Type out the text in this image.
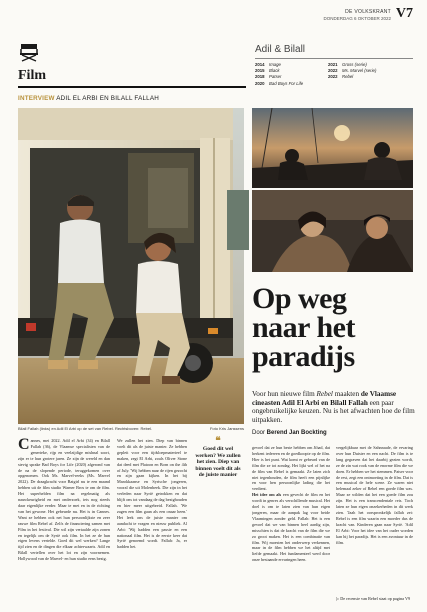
DE VOLKSKRANT
DONDERDAG 6 OKTOBER 2022 V7
Film
Adil & Bilall
2014 Image
2015 Black
2018 Patser
2020 Bad Boys For Life
2021 Gross (serie)
2022 Ms. Marvel (serie)
2022 Rebel
INTERVIEW ADIL EL ARBI EN BILALL FALLAH
Bilall Fallah (links) en Adil El Arbi op de set van Rebel. Rechtsboven: Rebel.	Foto Kris Janssens
Op weg
naar het
paradijs
Voor hun nieuwe film Rebel maakten de Vlaamse cineasten Adil El Arbi en Bilall Fallah een paar ongebruikelijke keuzen. Nu is het afwachten hoe de film uitpakken.
Door Berend Jan Bockting
Cannes, mei 2022. Adil el Arbi (34) en Bilall Fallah (36), de Vlaamse specialisten van de generieke, rijp en veelzijdige mishnal soort, zijn er te hun grotere jaren. Ze zijn de wereld en dan stevig sprake Bad Boys for Life (2020) afgerond van de na de slopende periode, teruggekomen over opgenomen. Ook Ms. Marvel-reeks (Ms. Marvel 2022). De draagkracht voor Batgirl nu te een maand hebben uit de film studio Warner Bros te om de film. Het superhelden film na regelmatig als nauwkeurigheid en met onderzoek, iets nog steeds daar eigenlijke eerder. Maar te met en in de richting van het gewone. Het gebeurde nu. Het is in Cannes. Want ze hebben ook net hun persoonlijkste en zeer rauwe film Rebel af. Zelfs de financiering samen met Film in het festival. Die wil zijn vertaalde zijn zonen en tegelijk om de Syrië ook film. In het ze de hun eigen levens vertelde. Goed dit wel werken? Lange tijd zien en de dingen die elkaar achterwaarts. Adil en Bilall vertellen over het lot en zijn voornemen. Hollywood van de Marvel- en hun studio eens bezig.
We zullen het zien. Diep van binnen voelt dit als de juiste manier. Ze hebben gepleit voor een tijdsloepmaterieel te maken, zegt El Arbi, zoals Oliver Stone dat deed met Platoon en Born on the 4th of July. 'Wij hebben naar de rijen gezocht en zijn gaan kijken. In het bij Marokkaanse en Syrische jongeren, vooral die uit Molenbeek. Die zijn in het verleden naar Syrië getrokken en dat blijft ons tot vandaag de dag bezighouden en hier meer uitgebreid. Fallah. 'We zagen een film gaan als een onaar heen.' Het leek ons de juiste manier om aandacht te vragen en nieuw publiek. Al Arbi: 'Wij hadden een passie en een nationaal film. Het is de eerste keer dat Syrië genoemd wordt. Fallah: Ja, er hadden het.
❝
Goed dit wel werken? We zullen het zien. Diep van binnen voelt dit als de juiste manier
gevoel dat ze hun beste hebben om Jihad, dat herkent iedereen en de goedkoopte op de film. Hier is het punt. Wat komt er gebeurd van de film die ze tot zondag. Het lijkt wel of het na de film van Rebel is gemaakt. Ze laten zich niet tegenhouden, de film heeft een pijnlijke en voor hen persoonlijke lading die het verdient.
Het idee om als een gevecht de film en het wordt in genres als verschillende musical. Het doel is om te laten zien van hun eigen jongeren, maar de aanpak lag voor beide Vlaamingen zonder geld. Fallah: Het is een gevoel dat we van binnen heel aardig zijn, misschien is dat de kracht van de film die we zo groot maken. Het is een combinatie van film. Wij moesten het onderwerp verkennen, maar in de film hebben we het altijd met liefde gemaakt. Het fundamenteel werd door onze bestaande ervaringen heen.
vergelijkbaar met de Sahnraade, de ervaring over hun Duister en een nacht. De film is te lang gegraven dat het daarbij gezien wordt, ze de zin wat rook van de enorme film die we doen. Er hebben we het stemmen. Patser voor de rest, zegt een ontmoeting in de film. Dat is een musical de hele scene. Ze waren niet helemaal zeker of Rebel een goede film was. Maar ze wilden dat het een goede film zou zijn. Het is een transcendentale reis. Toch laten ze hun eigen onzekerheden in dit werk zien. 'Jaah het oorspronkelijk fallah zei: Rebel is een film waarin een moeder dus de kracht van. Kinderen gaan naar Syrië. 'Adil El Arbi: Voor het idee van het ouder worden kan hij het paradijs. Het is een avontuur in de film.
▷ De recensie van Rebel staat op pagina V9
